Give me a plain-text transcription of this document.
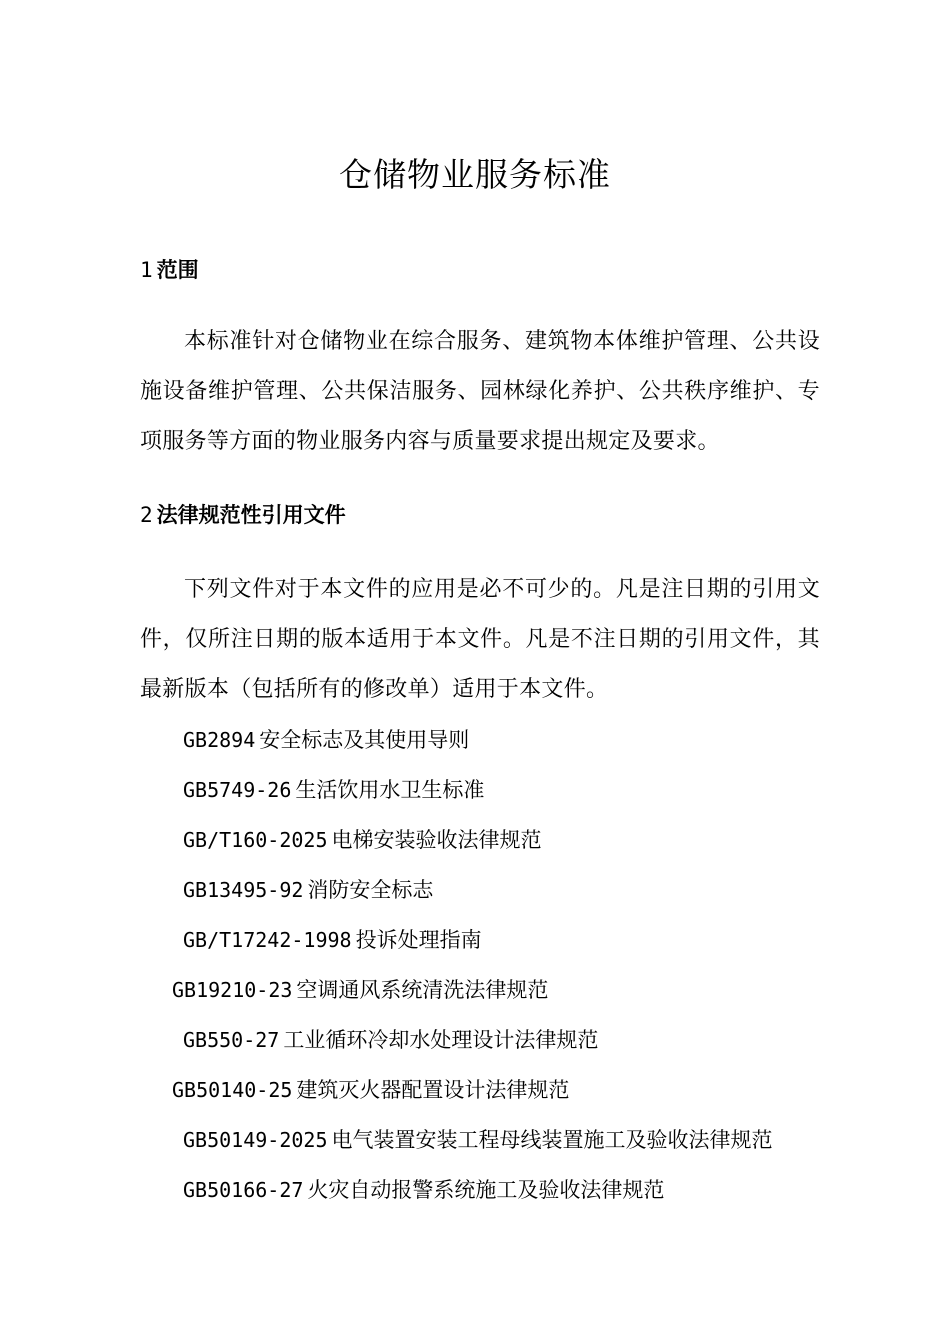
仓储物业服务标准
1 范围

本标准针对仓储物业在综合服务、建筑物本体维护管理、公共设施设备维护管理、公共保洁服务、园林绿化养护、公共秩序维护、专项服务等方面的物业服务内容与质量要求提出规定及要求。

2 法律规范性引用文件

下列文件对于本文件的应用是必不可少的。凡是注日期的引用文件，仅所注日期的版本适用于本文件。凡是不注日期的引用文件，其最新版本（包括所有的修改单）适用于本文件。

GB2894 安全标志及其使用导则
GB5749-26 生活饮用水卫生标准
GB/T160-2025 电梯安装验收法律规范
GB13495-92 消防安全标志
GB/T17242-1998 投诉处理指南
GB19210-23 空调通风系统清洗法律规范
GB550-27 工业循环冷却水处理设计法律规范
GB50140-25 建筑灭火器配置设计法律规范
GB50149-2025 电气装置安装工程母线装置施工及验收法律规范
GB50166-27 火灾自动报警系统施工及验收法律规范
